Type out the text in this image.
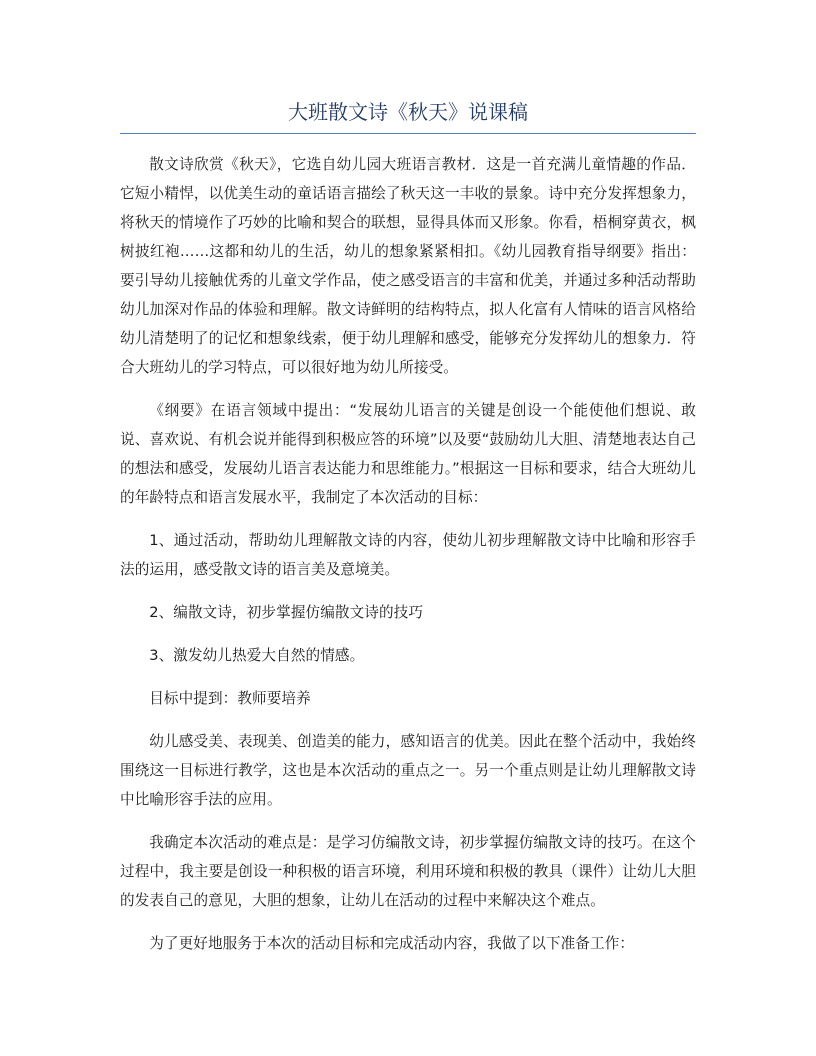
大班散文诗《秋天》说课稿

散文诗欣赏《秋天》，它选自幼儿园大班语言教材．这是一首充满儿童情趣的作品．它短小精悍，以优美生动的童话语言描绘了秋天这一丰收的景象。诗中充分发挥想象力，将秋天的情境作了巧妙的比喻和契合的联想，显得具体而又形象。你看，梧桐穿黄衣，枫树披红袍……这都和幼儿的生活，幼儿的想象紧紧相扣。《幼儿园教育指导纲要》指出：要引导幼儿接触优秀的儿童文学作品，使之感受语言的丰富和优美，并通过多种活动帮助幼儿加深对作品的体验和理解。散文诗鲜明的结构特点，拟人化富有人情味的语言风格给幼儿清楚明了的记忆和想象线索，便于幼儿理解和感受，能够充分发挥幼儿的想象力．符合大班幼儿的学习特点，可以很好地为幼儿所接受。

《纲要》在语言领域中提出：“发展幼儿语言的关键是创设一个能使他们想说、敢说、喜欢说、有机会说并能得到积极应答的环境”以及要“鼓励幼儿大胆、清楚地表达自己的想法和感受，发展幼儿语言表达能力和思维能力。”根据这一目标和要求，结合大班幼儿的年龄特点和语言发展水平，我制定了本次活动的目标：

1、通过活动，帮助幼儿理解散文诗的内容，使幼儿初步理解散文诗中比喻和形容手法的运用，感受散文诗的语言美及意境美。

2、编散文诗，初步掌握仿编散文诗的技巧

3、激发幼儿热爱大自然的情感。

目标中提到：教师要培养

幼儿感受美、表现美、创造美的能力，感知语言的优美。因此在整个活动中，我始终围绕这一目标进行教学，这也是本次活动的重点之一。另一个重点则是让幼儿理解散文诗中比喻形容手法的应用。

我确定本次活动的难点是：是学习仿编散文诗，初步掌握仿编散文诗的技巧。在这个过程中，我主要是创设一种积极的语言环境，利用环境和积极的教具（课件）让幼儿大胆的发表自己的意见，大胆的想象，让幼儿在活动的过程中来解决这个难点。

为了更好地服务于本次的活动目标和完成活动内容，我做了以下准备工作：
